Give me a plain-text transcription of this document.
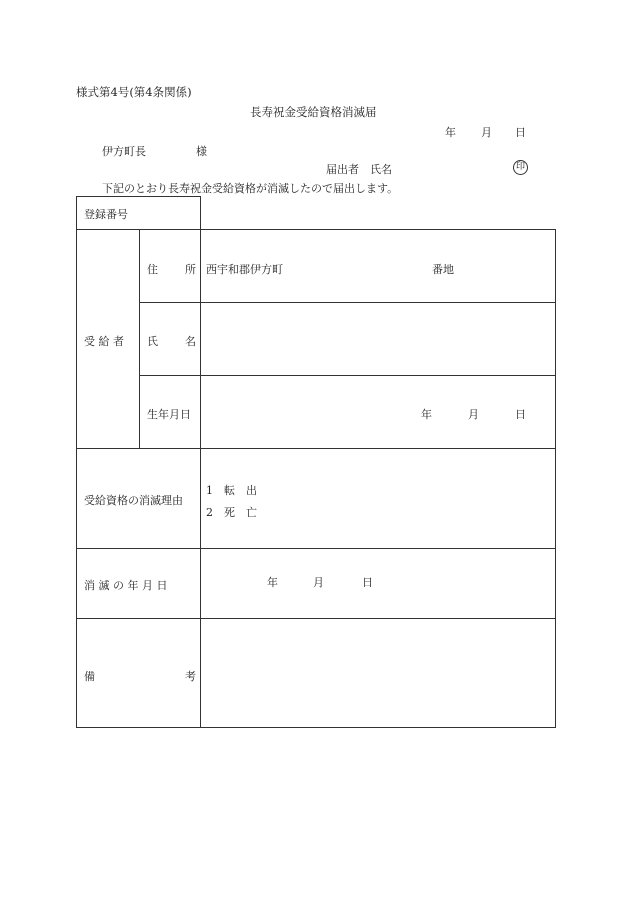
様式第4号(第4条関係)
長寿祝金受給資格消滅届
年 月 日
伊方町長	様
届出者　氏名	印
下記のとおり長寿祝金受給資格が消滅したので届出します。
登録番号
受 給 者
住 所 西宇和郡伊方町	番地
氏 名
生年月日	年	月	日
受給資格の消滅理由
1　転　出
2　死　亡
消 滅 の 年 月 日	年	月	日
備	考
